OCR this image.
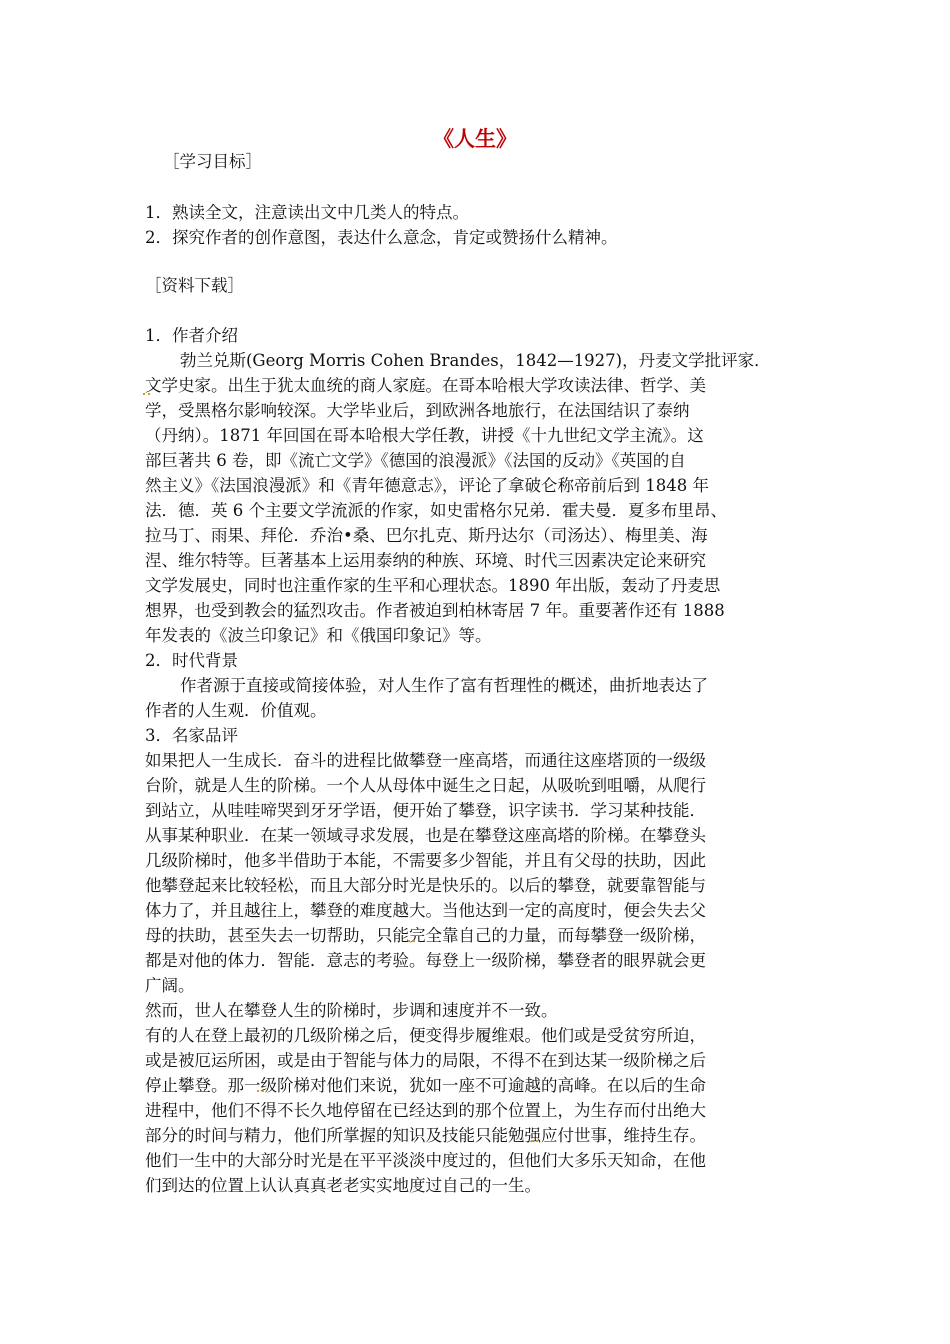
《人生》
［学习目标］
1．熟读全文，注意读出文中几类人的特点。
2．探究作者的创作意图，表达什么意念，肯定或赞扬什么精神。
［资料下载］
1．作者介绍
勃兰兑斯(Georg Morris Cohen Brandes，1842—1927)，丹麦文学批评家．
文学史家。出生于犹太血统的商人家庭。在哥本哈根大学攻读法律、哲学、美
学，受黑格尔影响较深。大学毕业后，到欧洲各地旅行，在法国结识了泰纳
（丹纳）。1871 年回国在哥本哈根大学任教，讲授《十九世纪文学主流》。这
部巨著共 6 卷，即《流亡文学》《德国的浪漫派》《法国的反动》《英国的自
然主义》《法国浪漫派》和《青年德意志》，评论了拿破仑称帝前后到 1848 年
法．德．英 6 个主要文学流派的作家，如史雷格尔兄弟．霍夫曼．夏多布里昂、
拉马丁、雨果、拜伦．乔治•桑、巴尔扎克、斯丹达尔（司汤达）、梅里美、海
涅、维尔特等。巨著基本上运用泰纳的种族、环境、时代三因素决定论来研究
文学发展史，同时也注重作家的生平和心理状态。1890 年出版，轰动了丹麦思
想界，也受到教会的猛烈攻击。作者被迫到柏林寄居 7 年。重要著作还有 1888
年发表的《波兰印象记》和《俄国印象记》等。
2．时代背景
作者源于直接或简接体验，对人生作了富有哲理性的概述，曲折地表达了
作者的人生观．价值观。
3．名家品评
如果把人一生成长．奋斗的进程比做攀登一座高塔，而通往这座塔顶的一级级
台阶，就是人生的阶梯。一个人从母体中诞生之日起，从吸吮到咀嚼，从爬行
到站立，从哇哇啼哭到牙牙学语，便开始了攀登，识字读书．学习某种技能．
从事某种职业．在某一领域寻求发展，也是在攀登这座高塔的阶梯。在攀登头
几级阶梯时，他多半借助于本能，不需要多少智能，并且有父母的扶助，因此
他攀登起来比较轻松，而且大部分时光是快乐的。以后的攀登，就要靠智能与
体力了，并且越往上，攀登的难度越大。当他达到一定的高度时，便会失去父
母的扶助，甚至失去一切帮助，只能完全靠自己的力量，而每攀登一级阶梯，
都是对他的体力．智能．意志的考验。每登上一级阶梯，攀登者的眼界就会更
广阔。
然而，世人在攀登人生的阶梯时，步调和速度并不一致。
有的人在登上最初的几级阶梯之后，便变得步履维艰。他们或是受贫穷所迫，
或是被厄运所困，或是由于智能与体力的局限，不得不在到达某一级阶梯之后
停止攀登。那一级阶梯对他们来说，犹如一座不可逾越的高峰。在以后的生命
进程中，他们不得不长久地停留在已经达到的那个位置上，为生存而付出绝大
部分的时间与精力，他们所掌握的知识及技能只能勉强应付世事，维持生存。
他们一生中的大部分时光是在平平淡淡中度过的，但他们大多乐天知命，在他
们到达的位置上认认真真老老实实地度过自己的一生。
